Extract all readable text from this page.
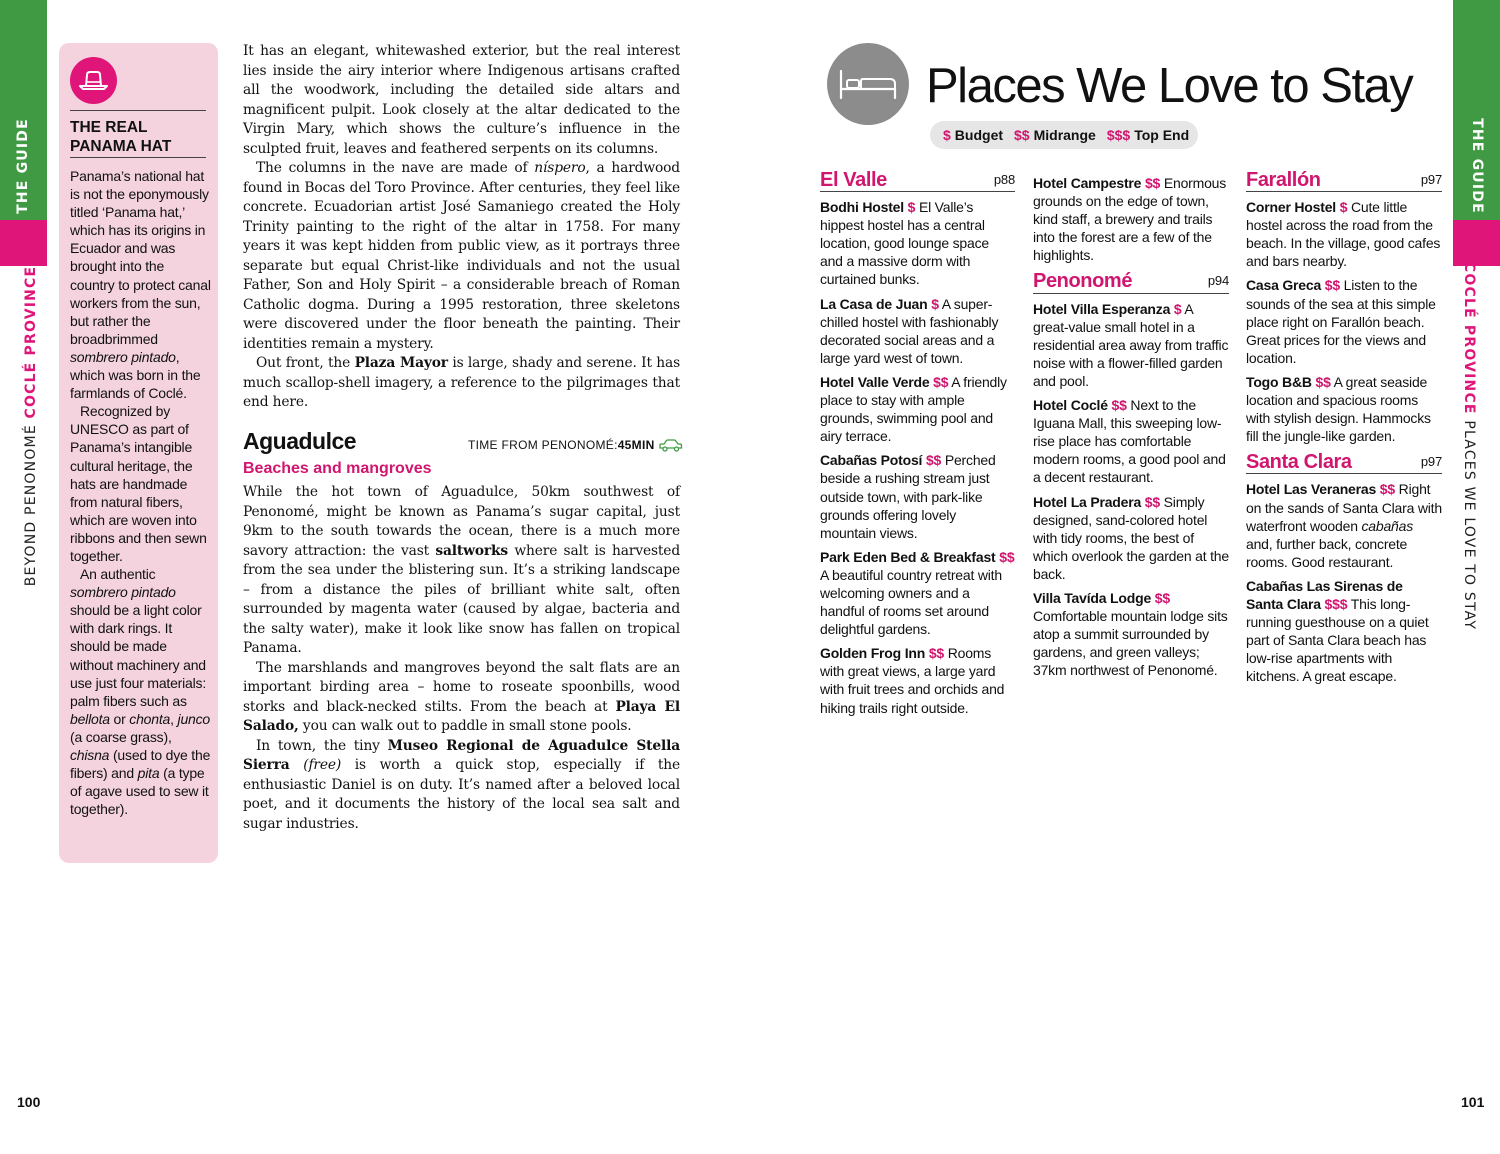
THE GUIDE
BEYOND PENONOMÉ COCLÉ PROVINCE
THE GUIDE
COCLÉ PROVINCE PLACES WE LOVE TO STAY
THE REAL PANAMA HAT

Panama’s national hat is not the eponymously titled ‘Panama hat,’ which has its origins in Ecuador and was brought into the country to protect canal workers from the sun, but rather the broadbrimmed sombrero pintado, which was born in the farmlands of Coclé.

Recognized by UNESCO as part of Panama’s intangible cultural heritage, the hats are handmade from natural fibers, which are woven into ribbons and then sewn together.

An authentic sombrero pintado should be a light color with dark rings. It should be made without machinery and use just four materials: palm fibers such as bellota or chonta, junco (a coarse grass), chisna (used to dye the fibers) and pita (a type of agave used to sew it together).

It has an elegant, whitewashed exterior, but the real interest lies inside the airy interior where Indigenous artisans crafted all the woodwork, including the detailed side altars and magnificent pulpit. Look closely at the altar dedicated to the Virgin Mary, which shows the culture’s influence in the sculpted fruit, leaves and feathered serpents on its columns.

The columns in the nave are made of níspero, a hardwood found in Bocas del Toro Province. After centuries, they feel like concrete. Ecuadorian artist José Samaniego created the Holy Trinity painting to the right of the altar in 1758. For many years it was kept hidden from public view, as it portrays three separate but equal Christ-like individuals and not the usual Father, Son and Holy Spirit – a considerable breach of Roman Catholic dogma. During a 1995 restoration, three skeletons were discovered under the floor beneath the painting. Their identities remain a mystery.

Out front, the Plaza Mayor is large, shady and serene. It has much scallop-shell imagery, a reference to the pilgrimages that end here.

Aguadulce	TIME FROM PENONOMÉ: 45MIN
Beaches and mangroves

While the hot town of Aguadulce, 50km southwest of Penonomé, might be known as Panama’s sugar capital, just 9km to the south towards the ocean, there is a much more savory attraction: the vast saltworks where salt is harvested from the sea under the blistering sun. It’s a striking landscape – from a distance the piles of brilliant white salt, often surrounded by magenta water (caused by algae, bacteria and the salty water), make it look like snow has fallen on tropical Panama.

The marshlands and mangroves beyond the salt flats are an important birding area – home to roseate spoonbills, wood storks and black-necked stilts. From the beach at Playa El Salado, you can walk out to paddle in small stone pools.

In town, the tiny Museo Regional de Aguadulce Stella Sierra (free) is worth a quick stop, especially if the enthusiastic Daniel is on duty. It’s named after a beloved local poet, and it documents the history of the local sea salt and sugar industries.

Places We Love to Stay
$ Budget $$ Midrange $$$ Top End
El Valle	p88
Bodhi Hostel $ El Valle’s hippest hostel has a central location, good lounge space and a massive dorm with curtained bunks.
La Casa de Juan $ A super-chilled hostel with fashionably decorated social areas and a large yard west of town.
Hotel Valle Verde $$ A friendly place to stay with ample grounds, swimming pool and airy terrace.
Cabañas Potosí $$ Perched beside a rushing stream just outside town, with park-like grounds offering lovely mountain views.
Park Eden Bed & Breakfast $$ A beautiful country retreat with welcoming owners and a handful of rooms set around delightful gardens.
Golden Frog Inn $$ Rooms with great views, a large yard with fruit trees and orchids and hiking trails right outside.
Hotel Campestre $$ Enormous grounds on the edge of town, kind staff, a brewery and trails into the forest are a few of the highlights.
Penonomé	p94
Hotel Villa Esperanza $ A great-value small hotel in a residential area away from traffic noise with a flower-filled garden and pool.
Hotel Coclé $$ Next to the Iguana Mall, this sweeping low-rise place has comfortable modern rooms, a good pool and a decent restaurant.
Hotel La Pradera $$ Simply designed, sand-colored hotel with tidy rooms, the best of which overlook the garden at the back.
Villa Tavída Lodge $$ Comfortable mountain lodge sits atop a summit surrounded by gardens, and green valleys; 37km northwest of Penonomé.
Farallón	p97
Corner Hostel $ Cute little hostel across the road from the beach. In the village, good cafes and bars nearby.
Casa Greca $$ Listen to the sounds of the sea at this simple place right on Farallón beach. Great prices for the views and location.
Togo B&B $$ A great seaside location and spacious rooms with stylish design. Hammocks fill the jungle-like garden.
Santa Clara	p97
Hotel Las Veraneras $$ Right on the sands of Santa Clara with waterfront wooden cabañas and, further back, concrete rooms. Good restaurant.
Cabañas Las Sirenas de Santa Clara $$$ This long-running guesthouse on a quiet part of Santa Clara beach has low-rise apartments with kitchens. A great escape.
100	101
